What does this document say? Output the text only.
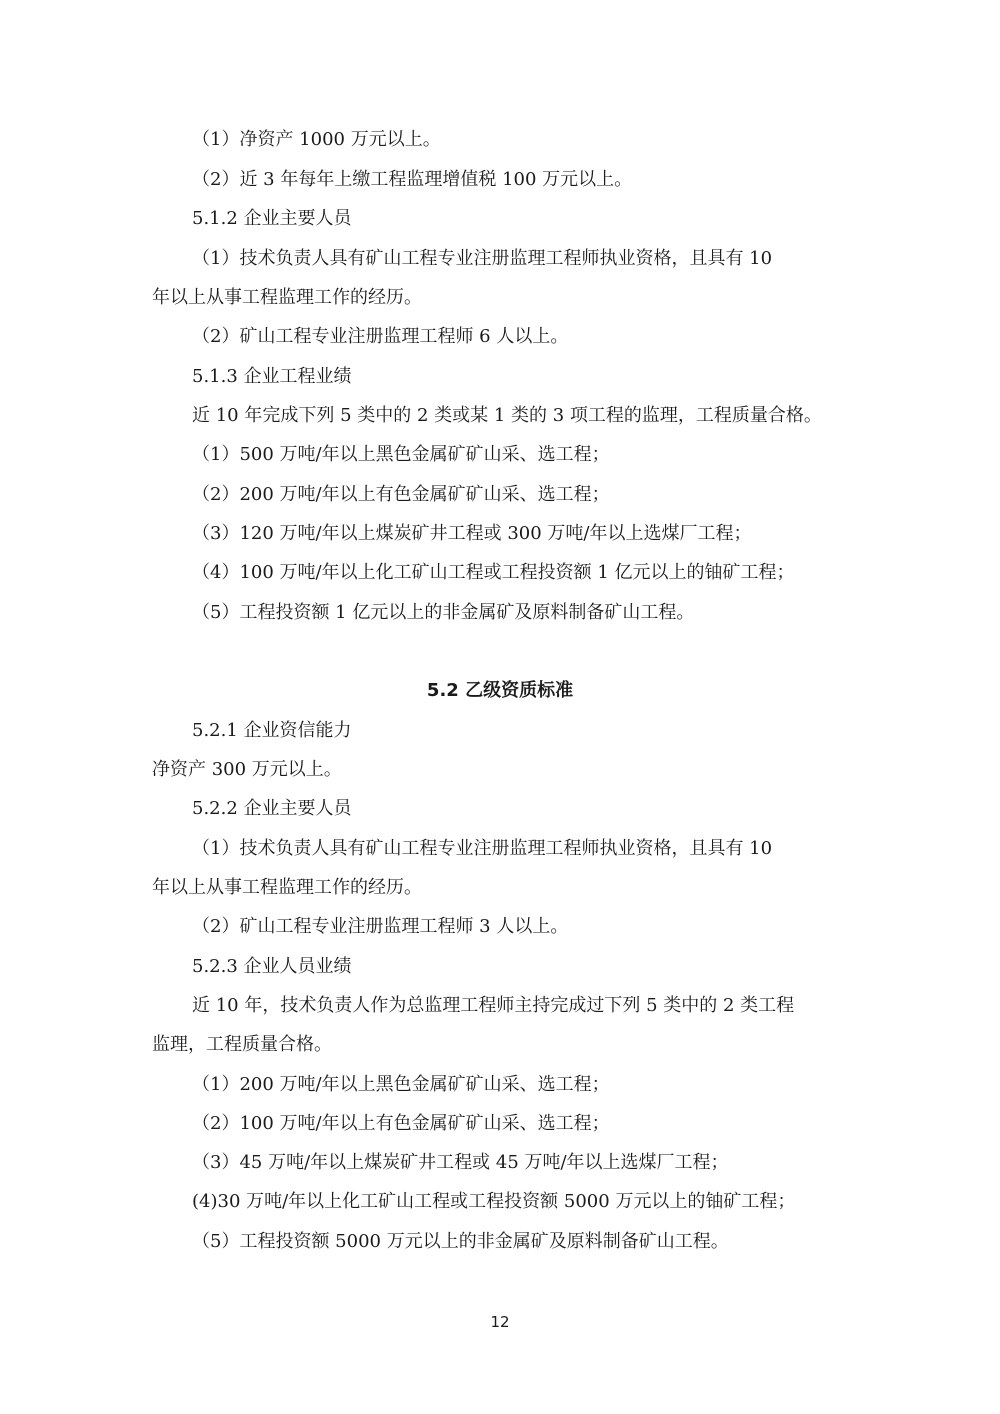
（1）净资产 1000 万元以上。
（2）近 3 年每年上缴工程监理增值税 100 万元以上。
5.1.2 企业主要人员
（1）技术负责人具有矿山工程专业注册监理工程师执业资格，且具有 10
年以上从事工程监理工作的经历。
（2）矿山工程专业注册监理工程师 6 人以上。
5.1.3 企业工程业绩
近 10 年完成下列 5 类中的 2 类或某 1 类的 3 项工程的监理，工程质量合格。
（1）500 万吨/年以上黑色金属矿矿山采、选工程；
（2）200 万吨/年以上有色金属矿矿山采、选工程；
（3）120 万吨/年以上煤炭矿井工程或 300 万吨/年以上选煤厂工程；
（4）100 万吨/年以上化工矿山工程或工程投资额 1 亿元以上的铀矿工程；
（5）工程投资额 1 亿元以上的非金属矿及原料制备矿山工程。
5.2 乙级资质标准
5.2.1 企业资信能力
净资产 300 万元以上。
5.2.2 企业主要人员
（1）技术负责人具有矿山工程专业注册监理工程师执业资格，且具有 10
年以上从事工程监理工作的经历。
（2）矿山工程专业注册监理工程师 3 人以上。
5.2.3 企业人员业绩
近 10 年，技术负责人作为总监理工程师主持完成过下列 5 类中的 2 类工程
监理，工程质量合格。
（1）200 万吨/年以上黑色金属矿矿山采、选工程；
（2）100 万吨/年以上有色金属矿矿山采、选工程；
（3）45 万吨/年以上煤炭矿井工程或 45 万吨/年以上选煤厂工程；
(4)30 万吨/年以上化工矿山工程或工程投资额 5000 万元以上的铀矿工程；
（5）工程投资额 5000 万元以上的非金属矿及原料制备矿山工程。
12
